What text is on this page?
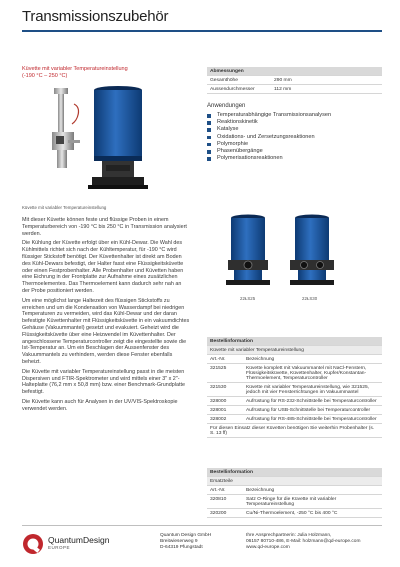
Transmissionszubehör
Küvette mit variabler Temperatureinstellung
(-190 °C – 250 °C)
Küvette mit variabler Temperatureinstellung
Abmessungen	
Gesamthöhe	290 mm
Aussendurchmesser	112 mm
Anwendungen
Temperaturabhängige Transmissionsanalysen
Reaktionskinetik
Katalyse
Oxidations- und Zersetzungsreaktionen
Polymorphie
Phasenübergänge
Polymerisationsreaktionen
22ŁS25	22ŁS30

Mit dieser Küvette können feste und flüssige Proben in einem Temperaturbereich von -190 °C bis 250 °C in Transmission analysiert werden.

Die Kühlung der Küvette erfolgt über ein Kühl-Dewar. Die Wahl des Kühlmittels richtet sich nach der Kühltemperatur, für -190 °C wird flüssiger Stickstoff benötigt. Der Küvettenhalter ist direkt am Boden des Kühl-Dewars befestigt, der Halter fasst eine Flüssigkeitsküvette oder einen Festprobenhalter. Alle Probenhalter und Küvetten haben eine Eichrung in der Frontplatte zur Aufnahme eines zusätzlichen Thermoelementes. Das Thermoelement kann dadurch sehr nah an der Probe positioniert werden.

Um eine möglichst lange Haltezeit des flüssigen Stickstoffs zu erreichen und um die Kondensation von Wasserdampf bei niedrigen Temperaturen zu vermeiden, wird das Kühl-Dewar und der daran befestigte Küvettenhalter mit Flüssigkeitsküvette in ein vakuumdichtes Gehäuse (Vakuummantel) gesetzt und evakuiert. Geheizt wird die Flüssigkeitsküvette über eine Heizwendel im Küvettenhalter. Der angeschlossene Temperaturcontroller zeigt die eingestellte sowie die Ist-Temperatur an. Um ein Beschlagen der Aussenfenster des Vakuummantels zu verhindern, werden diese Fenster ebenfalls beheizt.

Die Küvette mit variabler Temperatureinstellung passt in die meisten Dispersiven und FTIR-Spektrometer und wird mittels einer 3" x 2"-Halteplatte (76,2 mm x 50,8 mm) bzw. einer Benchmark-Grundplatte befestigt.

Die Küvette kann auch für Analysen in der UV/VIS-Spektroskopie verwendet werden.

Bestellinformation	
Küvette mit variabler Temperatureinstellung	
Art.-Nr.	Bezeichnung
321525	Küvette komplett mit Vakuummantel mit NaCl-Fenstern, Flüssigkeitsküvette, Küvettenhalter, Kupfer/Konstantan-Thermoelement, Temperaturcontroller
321530	Küvette mit variabler Temperatureinstellung, wie 321525, jedoch mit vier Fensterrichtungen im Vakuummantel
328000	Aufrüstung für RS-232-Schnittstelle bei Temperaturcontroller
328001	Aufrüstung für USB-Schnittstelle bei Temperaturcontroller
328002	Aufrüstung für RS-485-Schnittstelle bei Temperaturcontroller
Für diesen Einsatz dieser Küvetten benötigen Sie weiterhin Probenhalter (s. S. 13 ff)	
Bestellinformation	
Ersatzteile	
Art.-Nr.	Bezeichnung
320810	Satz O-Ringe für die Küvette mit variabler Temperatureinstellung
320200	Cu/Ni-Thermoelement, -250 °C bis 400 °C
QuantumDesign
EUROPE
Quantum Design GmbH
Breitwiesenweg 9
D-64319 Pfungstadt
Ihre Ansprechpartnerin: Julia Holzmann,
06157 80710-486, E-Mail: holzmann@qd-europe.com
www.qd-europe.com
